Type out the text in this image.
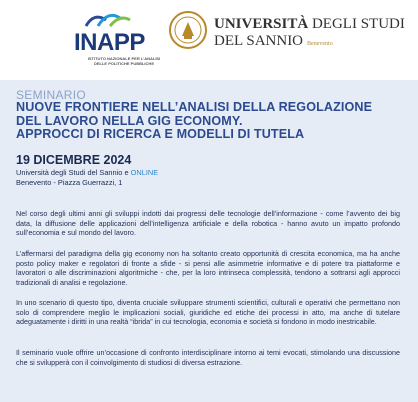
INAPP
ISTITUTO NAZIONALE PER L'ANALISI
DELLE POLITICHE PUBBLICHE
UNIVERSITÀ DEGLI STUDI
DEL SANNIO Benevento
SEMINARIO
NUOVE FRONTIERE NELL’ANALISI DELLA REGOLAZIONE
DEL LAVORO NELLA GIG ECONOMY.
APPROCCI DI RICERCA E MODELLI DI TUTELA
19 DICEMBRE 2024
Università degli Studi del Sannio e ONLINE
Benevento - Piazza Guerrazzi, 1
Nel corso degli ultimi anni gli sviluppi indotti dai progressi delle tecnologie dell’informazione - come l’avvento dei big data, la diffusione delle applicazioni dell’intelligenza artificiale e della robotica - hanno avuto un impatto profondo sull’economia e sul mondo del lavoro.
L’affermarsi del paradigma della gig economy non ha soltanto creato opportunità di crescita economica, ma ha anche posto policy maker e regolatori di fronte a sfide - si pensi alle asimmetrie informative e di potere tra piattaforme e lavoratori o alle discriminazioni algoritmiche - che, per la loro intrinseca complessità, tendono a sottrarsi agli approcci tradizionali di analisi e regolazione.
In uno scenario di questo tipo, diventa cruciale sviluppare strumenti scientifici, culturali e operativi che permettano non solo di comprendere meglio le implicazioni sociali, giuridiche ed etiche dei processi in atto, ma anche di tutelare adeguatamente i diritti in una realtà “ibrida” in cui tecnologia, economia e società si fondono in modo inestricabile.
Il seminario vuole offrire un’occasione di confronto interdisciplinare intorno ai temi evocati, stimolando una discussione che si svilupperà con il coinvolgimento di studiosi di diversa estrazione.
